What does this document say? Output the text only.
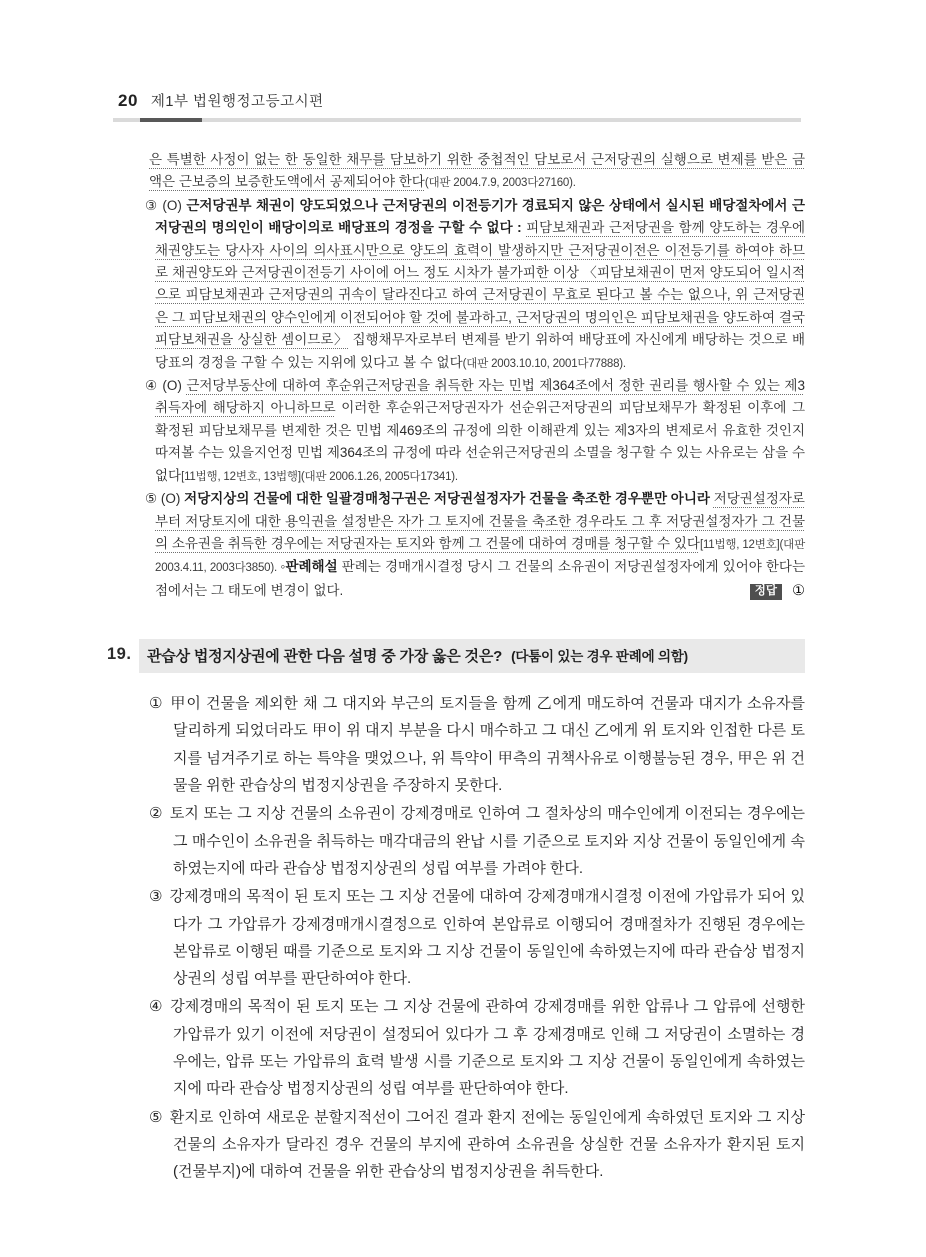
20 제1부 법원행정고등고시편

은 특별한 사정이 없는 한 동일한 채무를 담보하기 위한 중첩적인 담보로서 근저당권의 실행으로 변제를 받은 금액은 근보증의 보증한도액에서 공제되어야 한다(대판 2004.7.9, 2003다27160).

③ (O) 근저당권부 채권이 양도되었으나 근저당권의 이전등기가 경료되지 않은 상태에서 실시된 배당절차에서 근저당권의 명의인이 배당이의로 배당표의 경정을 구할 수 없다 : 피담보채권과 근저당권을 함께 양도하는 경우에 채권양도는 당사자 사이의 의사표시만으로 양도의 효력이 발생하지만 근저당권이전은 이전등기를 하여야 하므로 채권양도와 근저당권이전등기 사이에 어느 정도 시차가 불가피한 이상 〈피담보채권이 먼저 양도되어 일시적으로 피담보채권과 근저당권의 귀속이 달라진다고 하여 근저당권이 무효로 된다고 볼 수는 없으나, 위 근저당권은 그 피담보채권의 양수인에게 이전되어야 할 것에 불과하고, 근저당권의 명의인은 피담보채권을 양도하여 결국 피담보채권을 상실한 셈이므로〉 집행채무자로부터 변제를 받기 위하여 배당표에 자신에게 배당하는 것으로 배당표의 경정을 구할 수 있는 지위에 있다고 볼 수 없다(대판 2003.10.10, 2001다77888).

④ (O) 근저당부동산에 대하여 후순위근저당권을 취득한 자는 민법 제364조에서 정한 권리를 행사할 수 있는 제3취득자에 해당하지 아니하므로 이러한 후순위근저당권자가 선순위근저당권의 피담보채무가 확정된 이후에 그 확정된 피담보채무를 변제한 것은 민법 제469조의 규정에 의한 이해관계 있는 제3자의 변제로서 유효한 것인지 따져볼 수는 있을지언정 민법 제364조의 규정에 따라 선순위근저당권의 소멸을 청구할 수 있는 사유로는 삼을 수 없다[11법행, 12변호, 13법행](대판 2006.1.26, 2005다17341).

⑤ (O) 저당지상의 건물에 대한 일괄경매청구권은 저당권설정자가 건물을 축조한 경우뿐만 아니라 저당권설정자로부터 저당토지에 대한 용익권을 설정받은 자가 그 토지에 건물을 축조한 경우라도 그 후 저당권설정자가 그 건물의 소유권을 취득한 경우에는 저당권자는 토지와 함께 그 건물에 대하여 경매를 청구할 수 있다[11법행, 12변호](대판 2003.4.11, 2003다3850). ◦판례해설 판례는 경매개시결정 당시 그 건물의 소유권이 저당권설정자에게 있어야 한다는 점에서는 그 태도에 변경이 없다.	정답 ①

19.	관습상 법정지상권에 관한 다음 설명 중 가장 옳은 것은? (다툼이 있는 경우 판례에 의함)

① 甲이 건물을 제외한 채 그 대지와 부근의 토지들을 함께 乙에게 매도하여 건물과 대지가 소유자를 달리하게 되었더라도 甲이 위 대지 부분을 다시 매수하고 그 대신 乙에게 위 토지와 인접한 다른 토지를 넘겨주기로 하는 특약을 맺었으나, 위 특약이 甲측의 귀책사유로 이행불능된 경우, 甲은 위 건물을 위한 관습상의 법정지상권을 주장하지 못한다.

② 토지 또는 그 지상 건물의 소유권이 강제경매로 인하여 그 절차상의 매수인에게 이전되는 경우에는 그 매수인이 소유권을 취득하는 매각대금의 완납 시를 기준으로 토지와 지상 건물이 동일인에게 속하였는지에 따라 관습상 법정지상권의 성립 여부를 가려야 한다.

③ 강제경매의 목적이 된 토지 또는 그 지상 건물에 대하여 강제경매개시결정 이전에 가압류가 되어 있다가 그 가압류가 강제경매개시결정으로 인하여 본압류로 이행되어 경매절차가 진행된 경우에는 본압류로 이행된 때를 기준으로 토지와 그 지상 건물이 동일인에 속하였는지에 따라 관습상 법정지상권의 성립 여부를 판단하여야 한다.

④ 강제경매의 목적이 된 토지 또는 그 지상 건물에 관하여 강제경매를 위한 압류나 그 압류에 선행한 가압류가 있기 이전에 저당권이 설정되어 있다가 그 후 강제경매로 인해 그 저당권이 소멸하는 경우에는, 압류 또는 가압류의 효력 발생 시를 기준으로 토지와 그 지상 건물이 동일인에게 속하였는지에 따라 관습상 법정지상권의 성립 여부를 판단하여야 한다.

⑤ 환지로 인하여 새로운 분할지적선이 그어진 결과 환지 전에는 동일인에게 속하였던 토지와 그 지상 건물의 소유자가 달라진 경우 건물의 부지에 관하여 소유권을 상실한 건물 소유자가 환지된 토지(건물부지)에 대하여 건물을 위한 관습상의 법정지상권을 취득한다.
